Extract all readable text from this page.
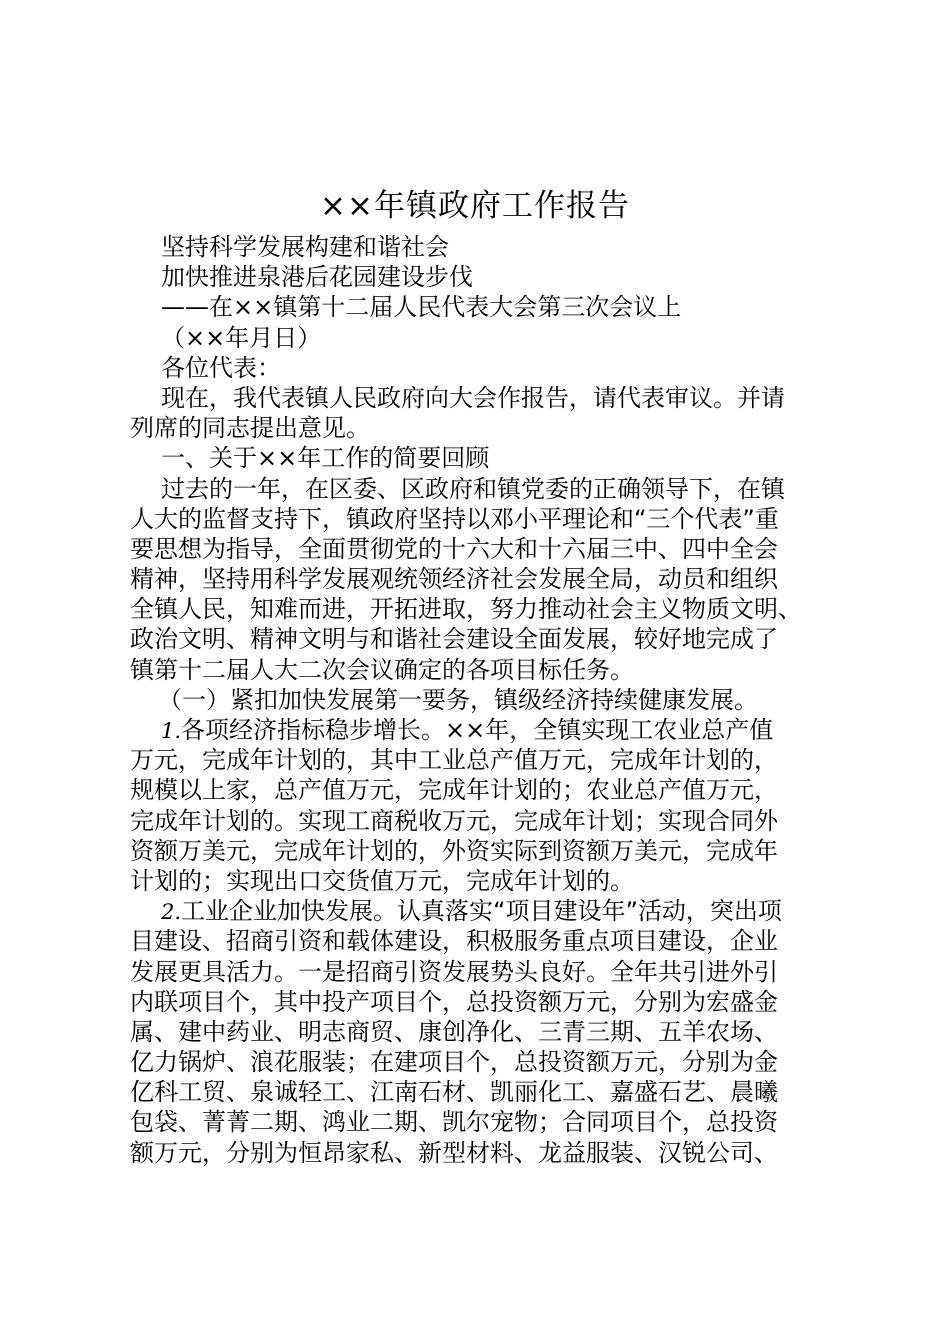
××年镇政府工作报告

坚持科学发展构建和谐社会

加快推进泉港后花园建设步伐

——在××镇第十二届人民代表大会第三次会议上

（××年月日）

各位代表：

现在，我代表镇人民政府向大会作报告，请代表审议。并请

列席的同志提出意见。

一、关于××年工作的简要回顾

过去的一年，在区委、区政府和镇党委的正确领导下，在镇

人大的监督支持下，镇政府坚持以邓小平理论和“三个代表”重

要思想为指导，全面贯彻党的十六大和十六届三中、四中全会

精神，坚持用科学发展观统领经济社会发展全局，动员和组织

全镇人民，知难而进，开拓进取，努力推动社会主义物质文明、

政治文明、精神文明与和谐社会建设全面发展，较好地完成了

镇第十二届人大二次会议确定的各项目标任务。

（一）紧扣加快发展第一要务，镇级经济持续健康发展。

1.各项经济指标稳步增长。××年，全镇实现工农业总产值

万元，完成年计划的，其中工业总产值万元，完成年计划的，

规模以上家，总产值万元，完成年计划的；农业总产值万元，

完成年计划的。实现工商税收万元，完成年计划；实现合同外

资额万美元，完成年计划的，外资实际到资额万美元，完成年

计划的；实现出口交货值万元，完成年计划的。

2.工业企业加快发展。认真落实“项目建设年”活动，突出项

目建设、招商引资和载体建设，积极服务重点项目建设，企业

发展更具活力。一是招商引资发展势头良好。全年共引进外引

内联项目个，其中投产项目个，总投资额万元，分别为宏盛金

属、建中药业、明志商贸、康创净化、三青三期、五羊农场、

亿力锅炉、浪花服装；在建项目个，总投资额万元，分别为金

亿科工贸、泉诚轻工、江南石材、凯丽化工、嘉盛石艺、晨曦

包袋、菁菁二期、鸿业二期、凯尔宠物；合同项目个，总投资

额万元，分别为恒昂家私、新型材料、龙益服装、汉锐公司、
